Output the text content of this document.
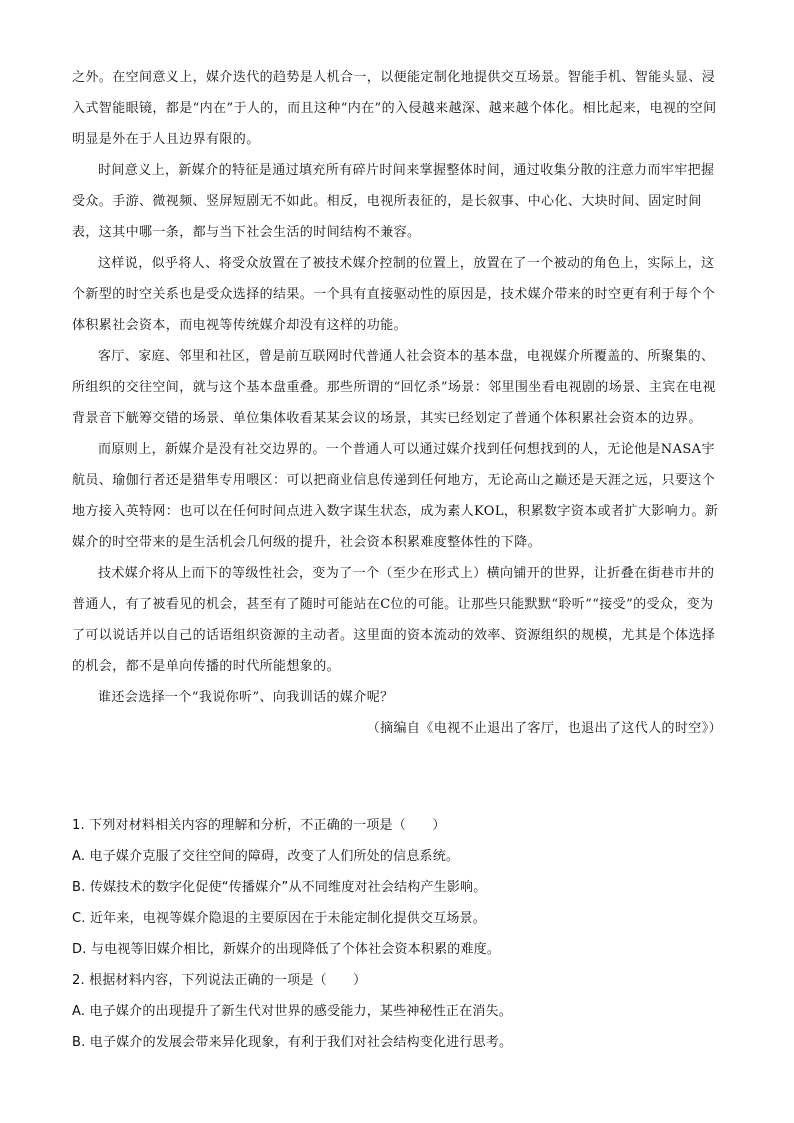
之外。在空间意义上，媒介迭代的趋势是人机合一，以便能定制化地提供交互场景。智能手机、智能头显、浸入式智能眼镜，都是“内在”于人的，而且这种“内在”的入侵越来越深、越来越个体化。相比起来，电视的空间明显是外在于人且边界有限的。

时间意义上，新媒介的特征是通过填充所有碎片时间来掌握整体时间，通过收集分散的注意力而牢牢把握受众。手游、微视频、竖屏短剧无不如此。相反，电视所表征的，是长叙事、中心化、大块时间、固定时间表，这其中哪一条，都与当下社会生活的时间结构不兼容。

这样说，似乎将人、将受众放置在了被技术媒介控制的位置上，放置在了一个被动的角色上，实际上，这个新型的时空关系也是受众选择的结果。一个具有直接驱动性的原因是，技术媒介带来的时空更有利于每个个体积累社会资本，而电视等传统媒介却没有这样的功能。

客厅、家庭、邻里和社区，曾是前互联网时代普通人社会资本的基本盘，电视媒介所覆盖的、所聚集的、所组织的交往空间，就与这个基本盘重叠。那些所谓的“回忆杀”场景：邻里围坐看电视剧的场景、主宾在电视背景音下觥筹交错的场景、单位集体收看某某会议的场景，其实已经划定了普通个体积累社会资本的边界。

而原则上，新媒介是没有社交边界的。一个普通人可以通过媒介找到任何想找到的人，无论他是NASA宇航员、瑜伽行者还是猎隼专用喂区：可以把商业信息传递到任何地方，无论高山之巅还是天涯之远，只要这个地方接入英特网：也可以在任何时间点进入数字谋生状态，成为素人KOL，积累数字资本或者扩大影响力。新媒介的时空带来的是生活机会几何级的提升，社会资本积累难度整体性的下降。

技术媒介将从上而下的等级性社会，变为了一个（至少在形式上）横向铺开的世界，让折叠在街巷市井的普通人，有了被看见的机会，甚至有了随时可能站在C位的可能。让那些只能默默“聆听”“接受”的受众，变为了可以说话并以自己的话语组织资源的主动者。这里面的资本流动的效率、资源组织的规模，尤其是个体选择的机会，都不是单向传播的时代所能想象的。

谁还会选择一个“我说你听”、向我训话的媒介呢？

（摘编自《电视不止退出了客厅，也退出了这代人的时空》）

1. 下列对材料相关内容的理解和分析，不正确的一项是（　　）

A. 电子媒介克服了交往空间的障碍，改变了人们所处的信息系统。

B. 传媒技术的数字化促使“传播媒介”从不同维度对社会结构产生影响。

C. 近年来，电视等媒介隐退的主要原因在于未能定制化提供交互场景。

D. 与电视等旧媒介相比，新媒介的出现降低了个体社会资本积累的难度。

2. 根据材料内容，下列说法正确的一项是（　　）

A. 电子媒介的出现提升了新生代对世界的感受能力，某些神秘性正在消失。

B. 电子媒介的发展会带来异化现象，有利于我们对社会结构变化进行思考。
